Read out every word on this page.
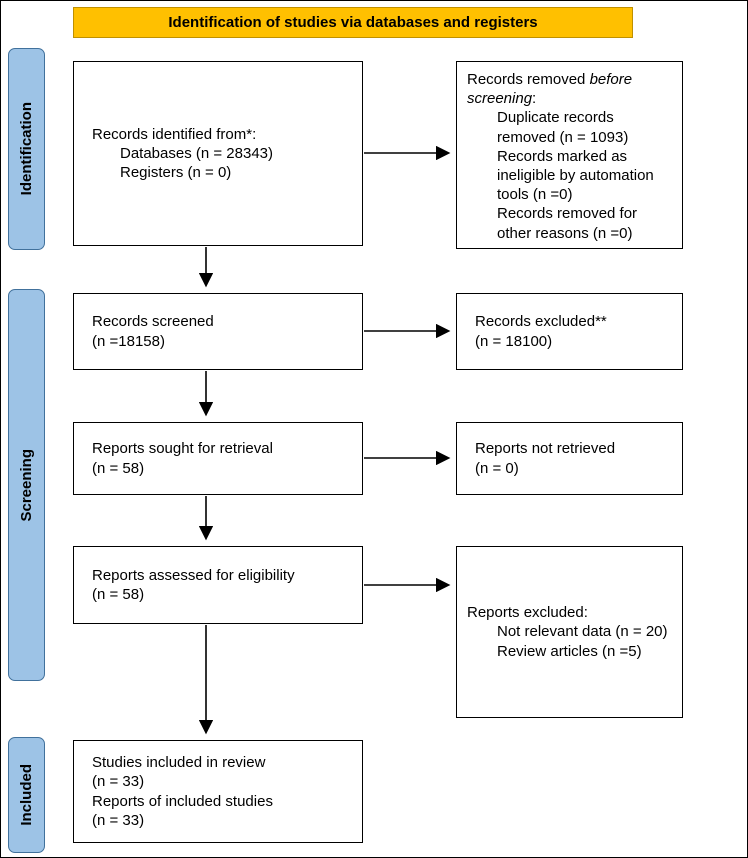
Identification of studies via databases and registers
Identification
Screening
Included
Records identified from*:
Databases (n = 28343)
Registers (n = 0)
Records screened
(n =18158)
Reports sought for retrieval
(n = 58)
Reports assessed for eligibility
(n = 58)
Studies included in review
(n = 33)
Reports of included studies
(n = 33)
Records removed before screening:
Duplicate records removed (n = 1093)
Records marked as ineligible by automation tools (n =0)
Records removed for other reasons (n =0)
Records excluded**
(n = 18100)
Reports not retrieved
(n = 0)
Reports excluded:
Not relevant data (n = 20)
Review articles (n =5)
